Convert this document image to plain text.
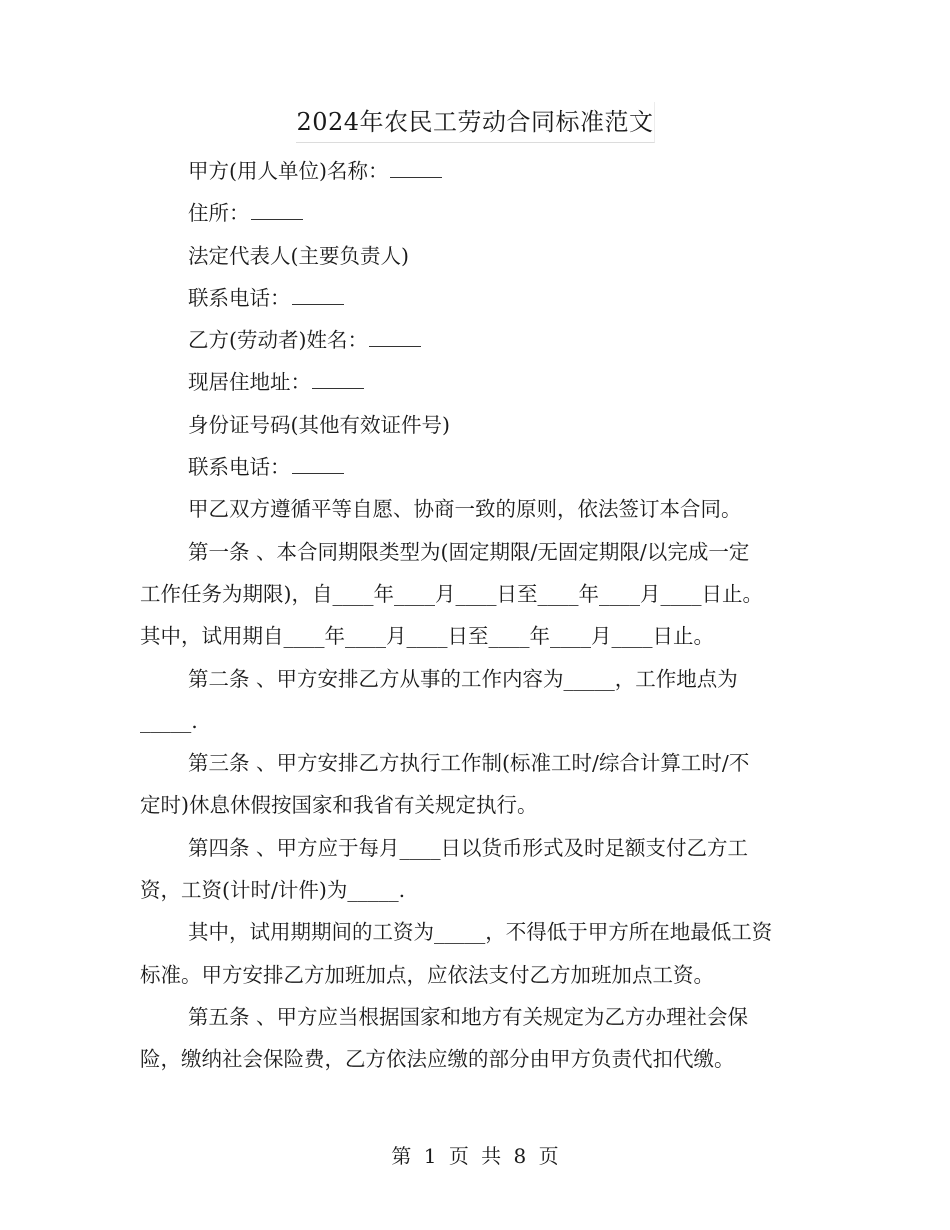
2024年农民工劳动合同标准范文
甲方(用人单位)名称：
住所：
法定代表人(主要负责人)
联系电话：
乙方(劳动者)姓名：
现居住地址：
身份证号码(其他有效证件号)
联系电话：
甲乙双方遵循平等自愿、协商一致的原则，依法签订本合同。
第一条 、本合同期限类型为(固定期限/无固定期限/以完成一定
工作任务为期限)，自____年____月____日至____年____月____日止。
其中，试用期自____年____月____日至____年____月____日止。
第二条 、甲方安排乙方从事的工作内容为_____，工作地点为
_____.
第三条 、甲方安排乙方执行工作制(标准工时/综合计算工时/不
定时)休息休假按国家和我省有关规定执行。
第四条 、甲方应于每月____日以货币形式及时足额支付乙方工
资，工资(计时/计件)为_____.
其中，试用期期间的工资为_____，不得低于甲方所在地最低工资
标准。甲方安排乙方加班加点，应依法支付乙方加班加点工资。
第五条 、甲方应当根据国家和地方有关规定为乙方办理社会保
险，缴纳社会保险费，乙方依法应缴的部分由甲方负责代扣代缴。
第 1 页 共 8 页
